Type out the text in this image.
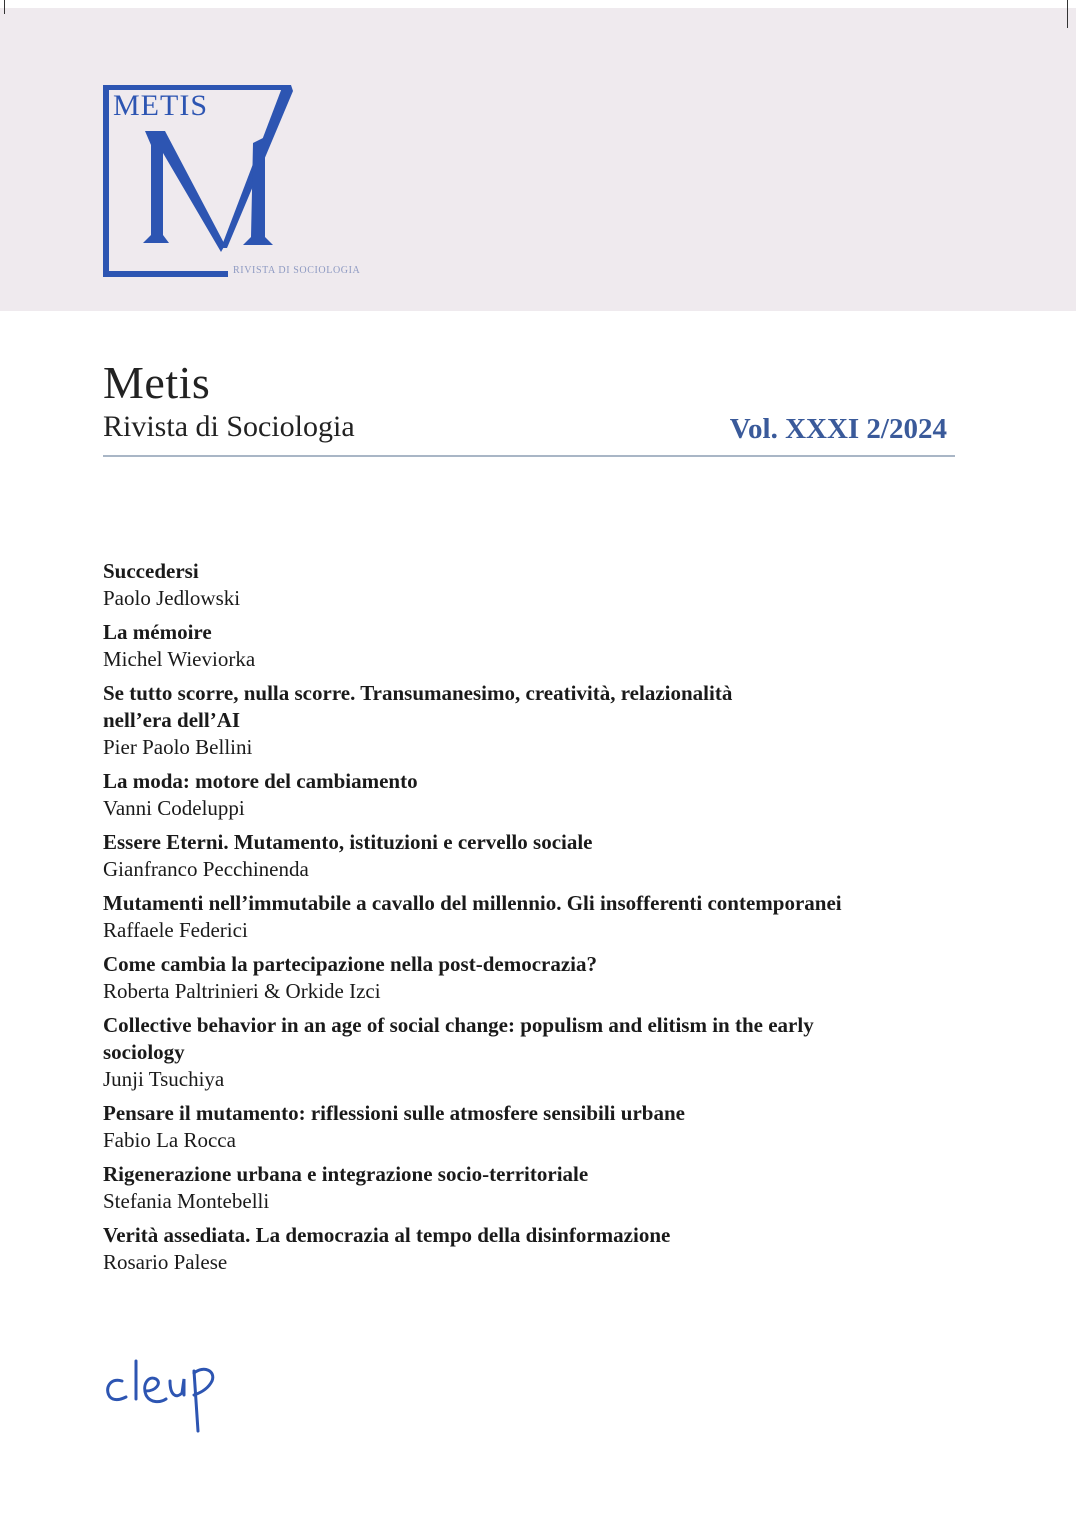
METIS
RIVISTA DI SOCIOLOGIA
Metis
Rivista di Sociologia	Vol. XXXI 2/2024
Succedersi
Paolo Jedlowski
La mémoire
Michel Wieviorka
Se tutto scorre, nulla scorre. Transumanesimo, creatività, relazionalità nell’era dell’AI
Pier Paolo Bellini
La moda: motore del cambiamento
Vanni Codeluppi
Essere Eterni. Mutamento, istituzioni e cervello sociale
Gianfranco Pecchinenda
Mutamenti nell’immutabile a cavallo del millennio. Gli insofferenti contemporanei
Raffaele Federici
Come cambia la partecipazione nella post-democrazia?
Roberta Paltrinieri & Orkide Izci
Collective behavior in an age of social change: populism and elitism in the early sociology
Junji Tsuchiya
Pensare il mutamento: riflessioni sulle atmosfere sensibili urbane
Fabio La Rocca
Rigenerazione urbana e integrazione socio-territoriale
Stefania Montebelli
Verità assediata. La democrazia al tempo della disinformazione
Rosario Palese
